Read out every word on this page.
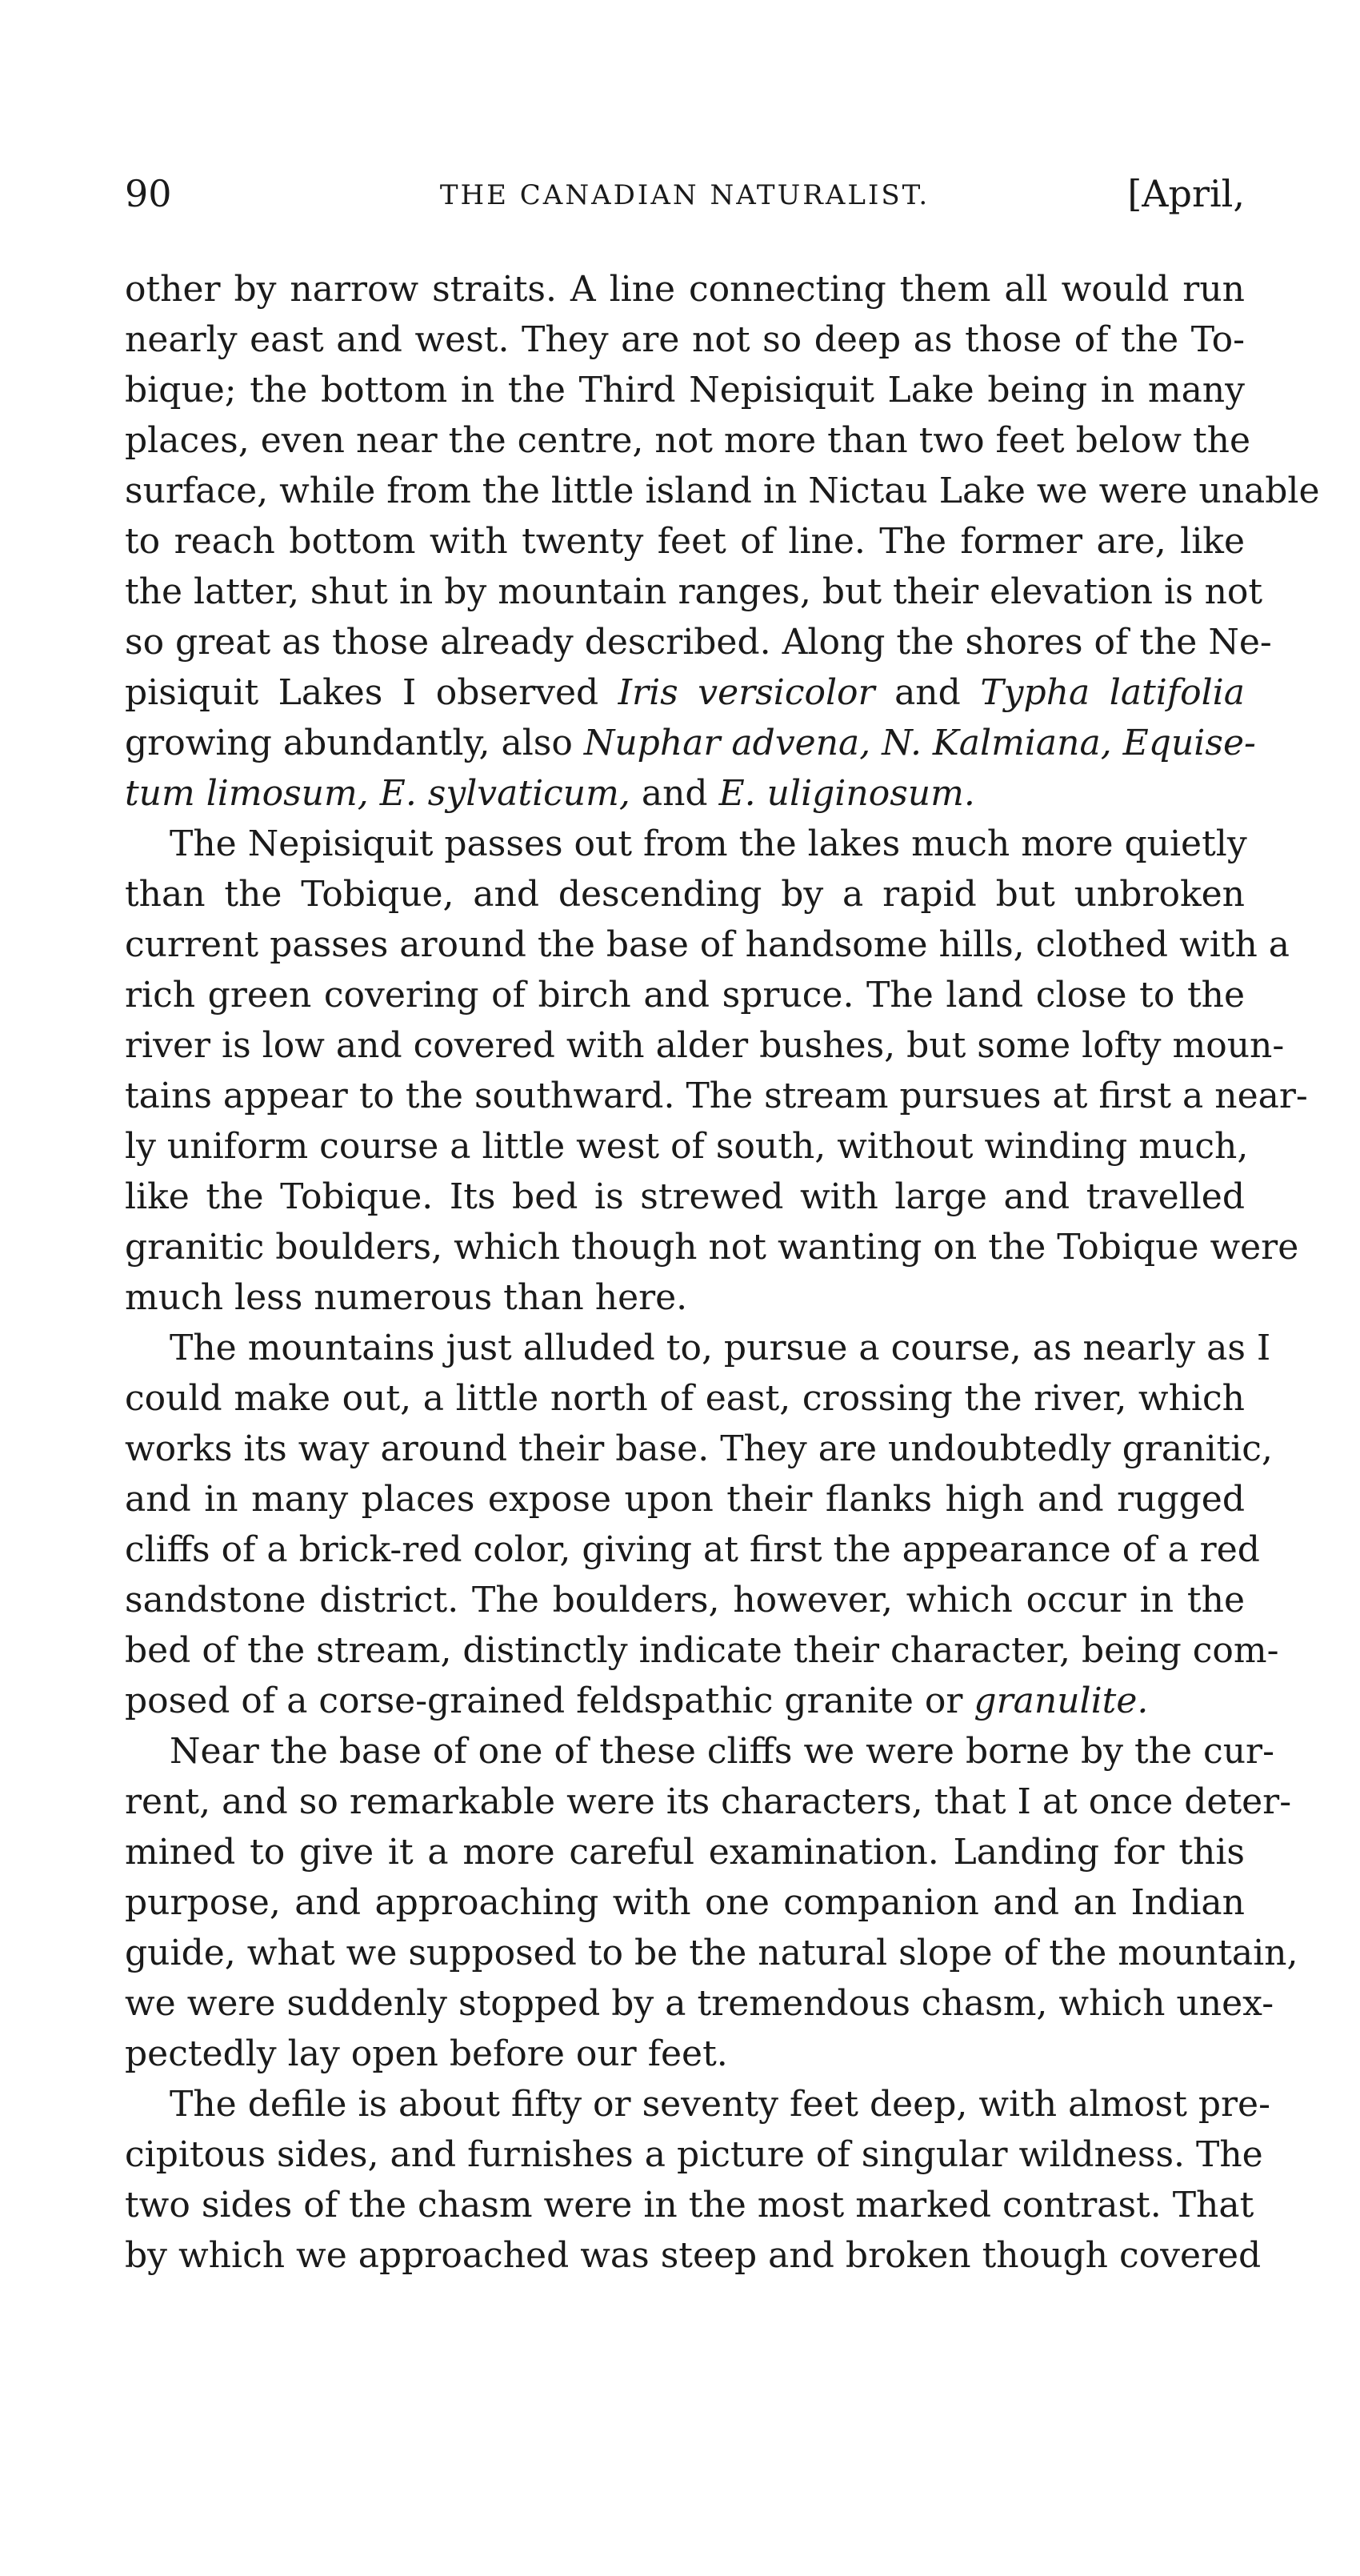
90	THE CANADIAN NATURALIST.	[April,

other by narrow straits. A line connecting them all would run
nearly east and west. They are not so deep as those of the To-
bique; the bottom in the Third Nepisiquit Lake being in many
places, even near the centre, not more than two feet below the
surface, while from the little island in Nictau Lake we were unable
to reach bottom with twenty feet of line. The former are, like
the latter, shut in by mountain ranges, but their elevation is not
so great as those already described. Along the shores of the Ne-
pisiquit Lakes I observed Iris versicolor and Typha latifolia
growing abundantly, also Nuphar advena, N. Kalmiana, Equise-
tum limosum, E. sylvaticum, and E. uliginosum.

The Nepisiquit passes out from the lakes much more quietly
than the Tobique, and descending by a rapid but unbroken
current passes around the base of handsome hills, clothed with a
rich green covering of birch and spruce. The land close to the
river is low and covered with alder bushes, but some lofty moun-
tains appear to the southward. The stream pursues at first a near-
ly uniform course a little west of south, without winding much,
like the Tobique. Its bed is strewed with large and travelled
granitic boulders, which though not wanting on the Tobique were
much less numerous than here.

The mountains just alluded to, pursue a course, as nearly as I
could make out, a little north of east, crossing the river, which
works its way around their base. They are undoubtedly granitic,
and in many places expose upon their flanks high and rugged
cliffs of a brick-red color, giving at first the appearance of a red
sandstone district. The boulders, however, which occur in the
bed of the stream, distinctly indicate their character, being com-
posed of a corse-grained feldspathic granite or granulite.

Near the base of one of these cliffs we were borne by the cur-
rent, and so remarkable were its characters, that I at once deter-
mined to give it a more careful examination. Landing for this
purpose, and approaching with one companion and an Indian
guide, what we supposed to be the natural slope of the mountain,
we were suddenly stopped by a tremendous chasm, which unex-
pectedly lay open before our feet.

The defile is about fifty or seventy feet deep, with almost pre-
cipitous sides, and furnishes a picture of singular wildness. The
two sides of the chasm were in the most marked contrast. That
by which we approached was steep and broken though covered
